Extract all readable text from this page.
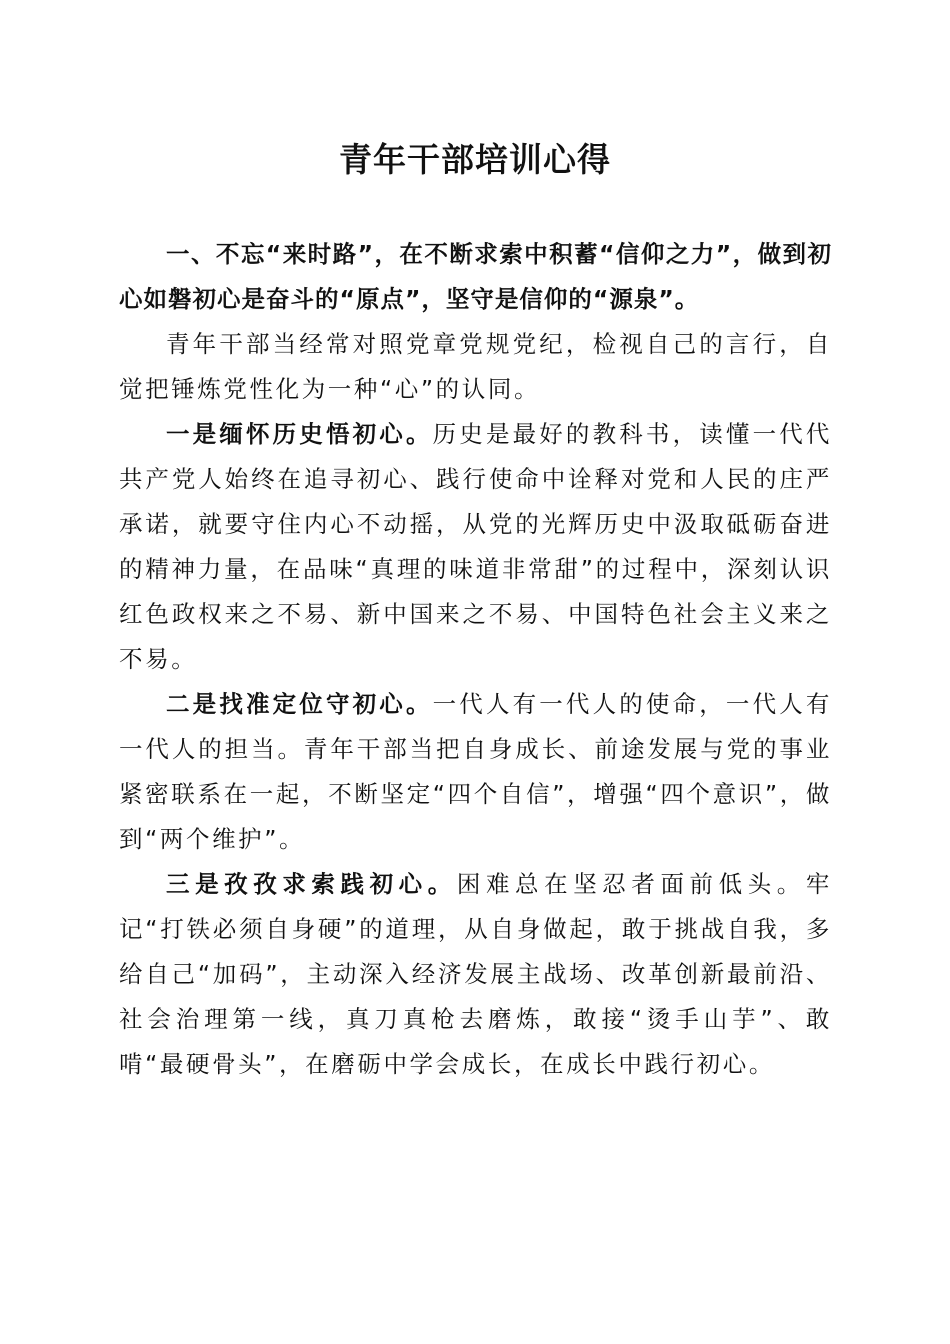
青年干部培训心得

一、不忘“来时路”，在不断求索中积蓄“信仰之力”，做到初心如磐初心是奋斗的“原点”，坚守是信仰的“源泉”。

青年干部当经常对照党章党规党纪，检视自己的言行，自觉把锤炼党性化为一种“心”的认同。

一是缅怀历史悟初心。历史是最好的教科书，读懂一代代共产党人始终在追寻初心、践行使命中诠释对党和人民的庄严承诺，就要守住内心不动摇，从党的光辉历史中汲取砥砺奋进的精神力量，在品味“真理的味道非常甜”的过程中，深刻认识红色政权来之不易、新中国来之不易、中国特色社会主义来之不易。

二是找准定位守初心。一代人有一代人的使命，一代人有一代人的担当。青年干部当把自身成长、前途发展与党的事业紧密联系在一起，不断坚定“四个自信”，增强“四个意识”，做到“两个维护”。

三是孜孜求索践初心。困难总在坚忍者面前低头。牢记“打铁必须自身硬”的道理，从自身做起，敢于挑战自我，多给自己“加码”，主动深入经济发展主战场、改革创新最前沿、社会治理第一线，真刀真枪去磨炼，敢接“烫手山芋”、敢啃“最硬骨头”，在磨砺中学会成长，在成长中践行初心。
